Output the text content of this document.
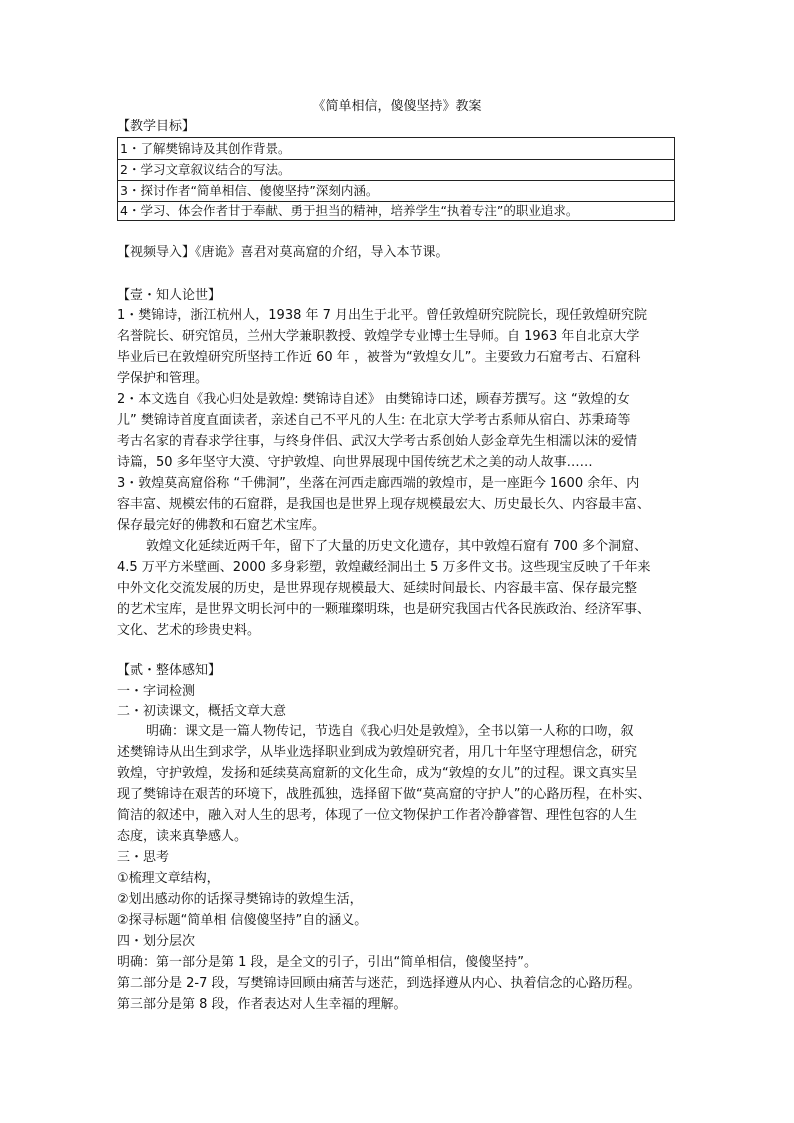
《简单相信，傻傻坚持》教案
【教学目标】
1・了解樊锦诗及其创作背景。
2・学习文章叙议结合的写法。
3・探讨作者“简单相信、傻傻坚持”深刻内涵。
4・学习、体会作者甘于奉献、勇于担当的精神，培养学生“执着专注”的职业追求。
【视频导入】《唐诡》喜君对莫高窟的介绍，导入本节课。
【壹・知人论世】
1・樊锦诗，浙江杭州人，1938 年 7 月出生于北平。曾任敦煌研究院院长，现任敦煌研究院
名誉院长、研究馆员，兰州大学兼职教授、敦煌学专业博士生导师。自 1963 年自北京大学
毕业后已在敦煌研究所坚持工作近 60 年 ，被誉为“敦煌女儿”。主要致力石窟考古、石窟科
学保护和管理。
2・本文选自《我心归处是敦煌: 樊锦诗自述》 由樊锦诗口述，顾春芳撰写。这 “敦煌的女
儿” 樊锦诗首度直面读者，亲述自己不平凡的人生: 在北京大学考古系师从宿白、苏秉琦等
考古名家的青春求学往事，与终身伴侣、武汉大学考古系创始人彭金章先生相濡以沫的爱情
诗篇，50 多年坚守大漠、守护敦煌、向世界展现中国传统艺术之美的动人故事……
3・敦煌莫高窟俗称 “千佛洞”，坐落在河西走廊西端的敦煌市，是一座距今 1600 余年、内
容丰富、规模宏伟的石窟群，是我国也是世界上现存规模最宏大、历史最长久、内容最丰富、
保存最完好的佛教和石窟艺术宝库。
敦煌文化延续近两千年，留下了大量的历史文化遗存，其中敦煌石窟有 700 多个洞窟、
4.5 万平方米壁画、2000 多身彩塑，敦煌藏经洞出土 5 万多件文书。这些现宝反映了千年来
中外文化交流发展的历史，是世界现存规模最大、延续时间最长、内容最丰富、保存最完整
的艺术宝库，是世界文明长河中的一颗璀璨明珠，也是研究我国古代各民族政治、经济军事、
文化、艺术的珍贵史料。
【贰・整体感知】
一・字词检测
二・初读课文，概括文章大意
明确：课文是一篇人物传记，节选自《我心归处是敦煌》，全书以第一人称的口吻，叙
述樊锦诗从出生到求学，从毕业选择职业到成为敦煌研究者，用几十年坚守理想信念，研究
敦煌，守护敦煌，发扬和延续莫高窟新的文化生命，成为“敦煌的女儿”的过程。课文真实呈
现了樊锦诗在艰苦的环境下，战胜孤独，选择留下做“莫高窟的守护人”的心路历程，在朴实、
简洁的叙述中，融入对人生的思考，体现了一位文物保护工作者冷静睿智、理性包容的人生
态度，读来真挚感人。
三・思考
①梳理文章结构，
②划出感动你的话探寻樊锦诗的敦煌生活，
②探寻标题“简单相 信傻傻坚持”自的涵义。
四・划分层次
明确：第一部分是第 1 段，是全文的引子，引出“简单相信，傻傻坚持”。
第二部分是 2-7 段，写樊锦诗回顾由痛苦与迷茫，到选择遵从内心、执着信念的心路历程。
第三部分是第 8 段，作者表达对人生幸福的理解。
